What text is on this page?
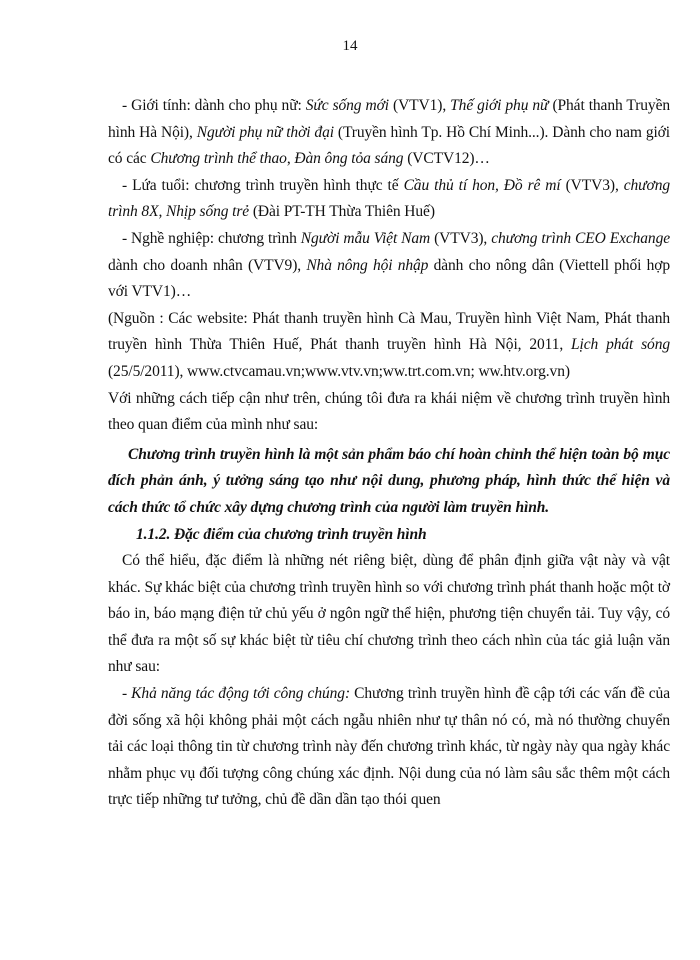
14

- Giới tính: dành cho phụ nữ: Sức sống mới (VTV1), Thế giới phụ nữ (Phát thanh Truyền hình Hà Nội), Người phụ nữ thời đại (Truyền hình Tp. Hồ Chí Minh...). Dành cho nam giới có các Chương trình thể thao, Đàn ông tỏa sáng (VCTV12)…

- Lứa tuổi: chương trình truyền hình thực tế Cầu thủ tí hon, Đồ rê mí (VTV3), chương trình 8X, Nhịp sống trẻ (Đài PT-TH Thừa Thiên Huế)

- Nghề nghiệp: chương trình Người mẫu Việt Nam (VTV3), chương trình CEO Exchange dành cho doanh nhân (VTV9), Nhà nông hội nhập dành cho nông dân (Viettell phối hợp với VTV1)…

(Nguồn : Các website: Phát thanh truyền hình Cà Mau, Truyền hình Việt Nam, Phát thanh truyền hình Thừa Thiên Huế, Phát thanh truyền hình Hà Nội, 2011, Lịch phát sóng (25/5/2011), www.ctvcamau.vn;www.vtv.vn;ww.trt.com.vn; ww.htv.org.vn)

Với những cách tiếp cận như trên, chúng tôi đưa ra khái niệm về chương trình truyền hình theo quan điểm của mình như sau:

Chương trình truyền hình là một sản phẩm báo chí hoàn chỉnh thể hiện toàn bộ mục đích phản ánh, ý tưởng sáng tạo như nội dung, phương pháp, hình thức thể hiện và cách thức tổ chức xây dựng chương trình của người làm truyền hình.

1.1.2. Đặc điểm của chương trình truyền hình

Có thể hiểu, đặc điểm là những nét riêng biệt, dùng để phân định giữa vật này và vật khác. Sự khác biệt của chương trình truyền hình so với chương trình phát thanh hoặc một tờ báo in, báo mạng điện tử chủ yếu ở ngôn ngữ thể hiện, phương tiện chuyển tải. Tuy vậy, có thể đưa ra một số sự khác biệt từ tiêu chí chương trình theo cách nhìn của tác giả luận văn như sau:

- Khả năng tác động tới công chúng: Chương trình truyền hình đề cập tới các vấn đề của đời sống xã hội không phải một cách ngẫu nhiên như tự thân nó có, mà nó thường chuyển tải các loại thông tin từ chương trình này đến chương trình khác, từ ngày này qua ngày khác nhằm phục vụ đối tượng công chúng xác định. Nội dung của nó làm sâu sắc thêm một cách trực tiếp những tư tưởng, chủ đề dần dần tạo thói quen
